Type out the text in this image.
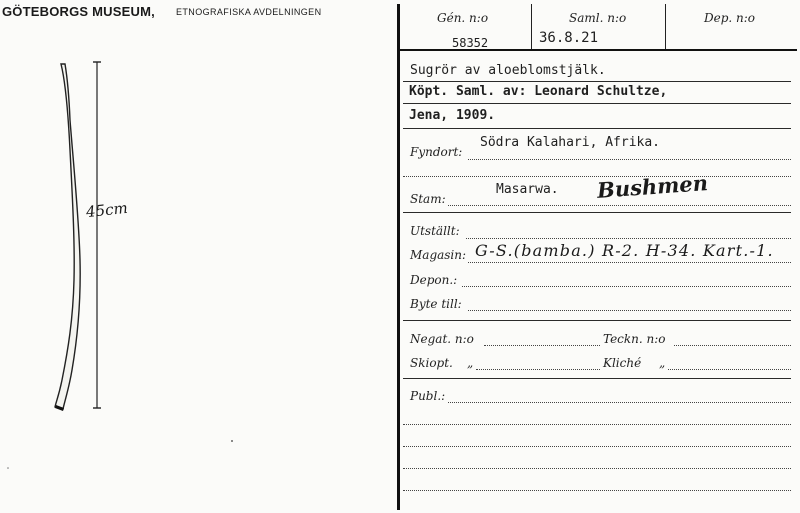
GÖTEBORGS MUSEUM, ETNOGRAFISKA AVDELNINGEN
45cm
Gén. n:o
58352
Saml. n:o
36.8.21
Dep. n:o
Sugrör av aloeblomstjälk.
Köpt. Saml. av: Leonard Schultze,
Jena, 1909.
Fyndort:
Södra Kalahari, Afrika.
Stam:
Masarwa. Bushmen
Utställt:
Magasin: G-S.(bamba.) R-2. H-34. Kart.-1.
Depon.:
Byte till:
Negat. n:o	Teckn. n:o
Skiopt. „	Kliché „
Publ.:
